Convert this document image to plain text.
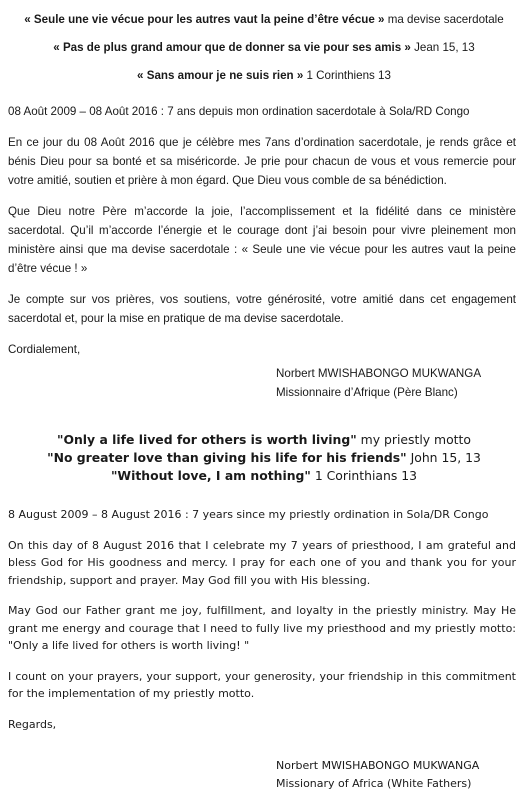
« Seule une vie vécue pour les autres vaut la peine d’être vécue » ma devise sacerdotale

« Pas de plus grand amour que de donner sa vie pour ses amis » Jean 15, 13

« Sans amour je ne suis rien » 1 Corinthiens 13

08 Août 2009 – 08 Août 2016 : 7 ans depuis mon ordination sacerdotale à Sola/RD Congo

En ce jour du 08 Août 2016 que je célèbre mes 7ans d’ordination sacerdotale, je rends grâce et bénis Dieu pour sa bonté et sa miséricorde. Je prie pour chacun de vous et vous remercie pour votre amitié, soutien et prière à mon égard. Que Dieu vous comble de sa bénédiction.

Que Dieu notre Père m’accorde la joie, l’accomplissement et la fidélité dans ce ministère sacerdotal. Qu’il m’accorde l’énergie et le courage dont j’ai besoin pour vivre pleinement mon ministère ainsi que ma devise sacerdotale : « Seule une vie vécue pour les autres vaut la peine d’être vécue ! »

Je compte sur vos prières, vos soutiens, votre générosité, votre amitié dans cet engagement sacerdotal et, pour la mise en pratique de ma devise sacerdotale.

Cordialement,

Norbert MWISHABONGO MUKWANGA

Missionnaire d’Afrique (Père Blanc)

"Only a life lived for others is worth living" my priestly motto

"No greater love than giving his life for his friends" John 15, 13

"Without love, I am nothing" 1 Corinthians 13

8 August 2009 – 8 August 2016 : 7 years since my priestly ordination in Sola/DR Congo

On this day of 8 August 2016 that I celebrate my 7 years of priesthood, I am grateful and bless God for His goodness and mercy. I pray for each one of you and thank you for your friendship, support and prayer. May God fill you with His blessing.

May God our Father grant me joy, fulfillment, and loyalty in the priestly ministry. May He grant me energy and courage that I need to fully live my priesthood and my priestly motto: "Only a life lived for others is worth living! "

I count on your prayers, your support, your generosity, your friendship in this commitment for the implementation of my priestly motto.

Regards,

Norbert MWISHABONGO MUKWANGA

Missionary of Africa (White Fathers)
